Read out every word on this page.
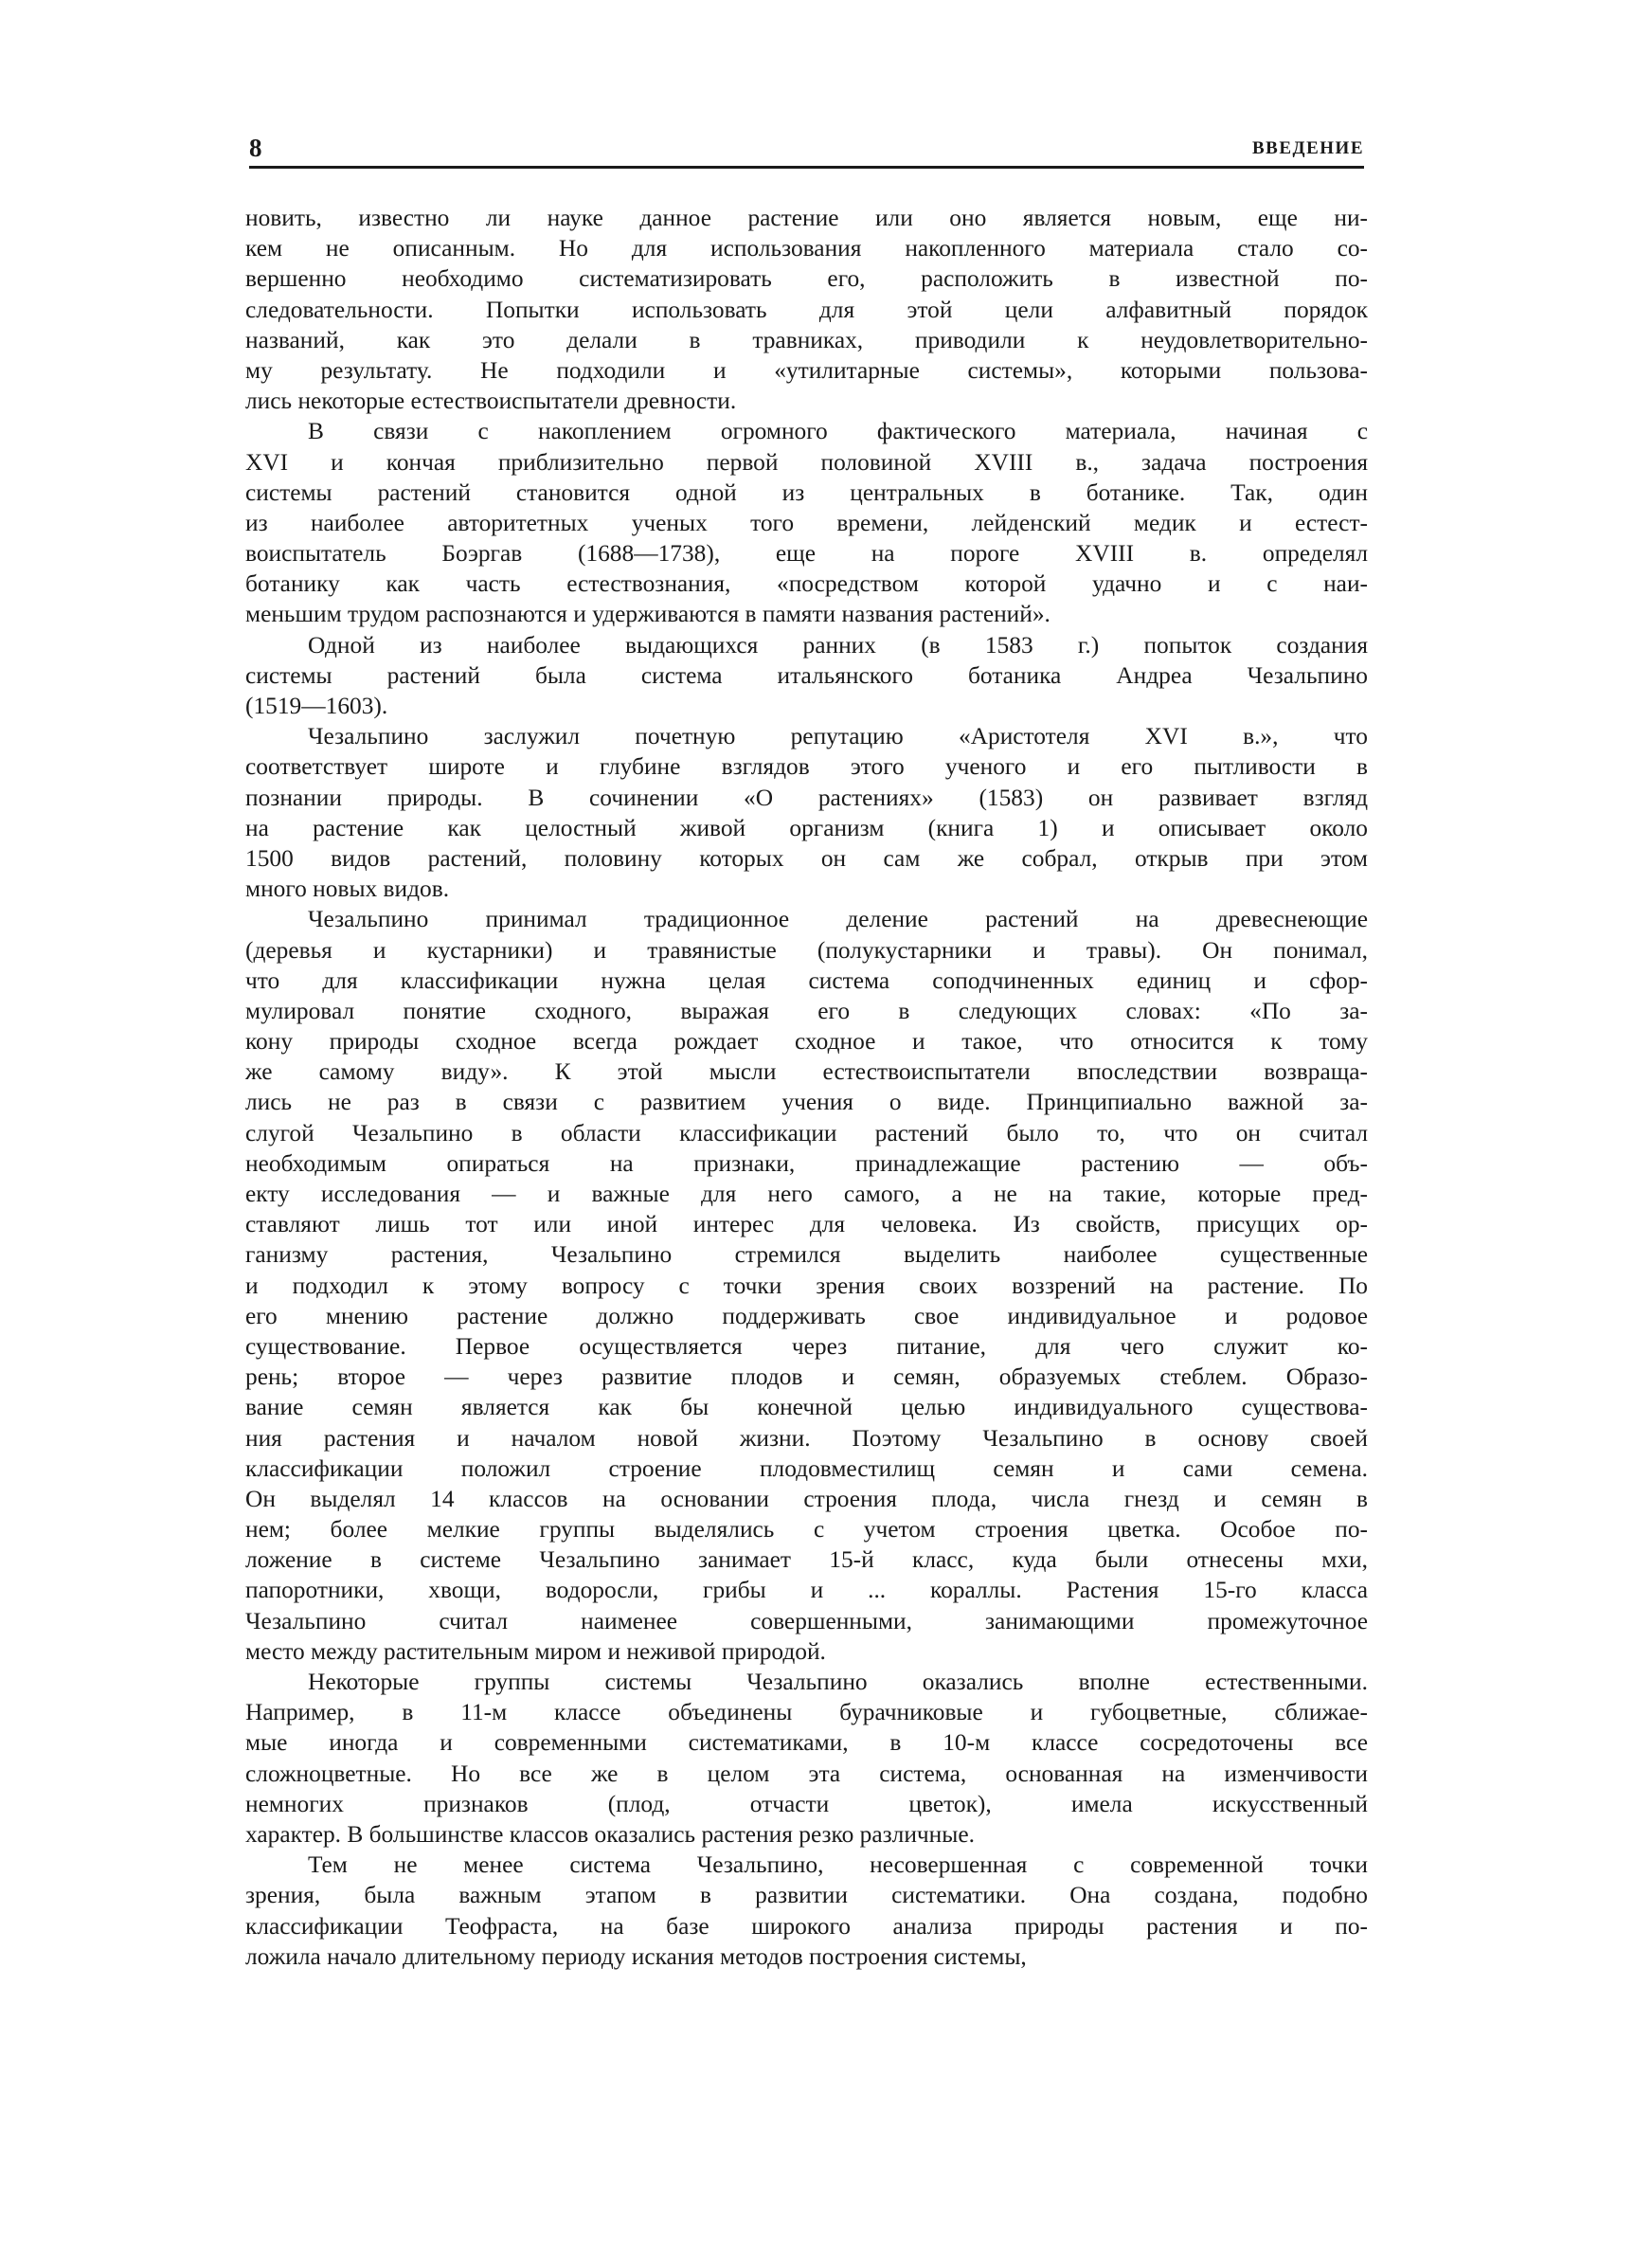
8	ВВЕДЕНИЕ
новить, известно ли науке данное растение или оно является новым, еще ни-
кем не описанным. Но для использования накопленного материала стало со-
вершенно необходимо систематизировать его, расположить в известной по-
следовательности. Попытки использовать для этой цели алфавитный порядок
названий, как это делали в травниках, приводили к неудовлетворительно-
му результату. Не подходили и «утилитарные системы», которыми пользова-
лись некоторые естествоиспытатели древности.
В связи с накоплением огромного фактического материала, начиная с
XVI и кончая приблизительно первой половиной XVIII в., задача построения
системы растений становится одной из центральных в ботанике. Так, один
из наиболее авторитетных ученых того времени, лейденский медик и естест-
воиспытатель Боэргав (1688—1738), еще на пороге XVIII в. определял
ботанику как часть естествознания, «посредством которой удачно и с наи-
меньшим трудом распознаются и удерживаются в памяти названия растений».
Одной из наиболее выдающихся ранних (в 1583 г.) попыток создания
системы растений была система итальянского ботаника Андреа Чезальпино
(1519—1603).
Чезальпино заслужил почетную репутацию «Аристотеля XVI в.», что
соответствует широте и глубине взглядов этого ученого и его пытливости в
познании природы. В сочинении «О растениях» (1583) он развивает взгляд
на растение как целостный живой организм (книга 1) и описывает около
1500 видов растений, половину которых он сам же собрал, открыв при этом
много новых видов.
Чезальпино принимал традиционное деление растений на древеснеющие
(деревья и кустарники) и травянистые (полукустарники и травы). Он понимал,
что для классификации нужна целая система соподчиненных единиц и сфор-
мулировал понятие сходного, выражая его в следующих словах: «По за-
кону природы сходное всегда рождает сходное и такое, что относится к тому
же самому виду». К этой мысли естествоиспытатели впоследствии возвраща-
лись не раз в связи с развитием учения о виде. Принципиально важной за-
слугой Чезальпино в области классификации растений было то, что он считал
необходимым опираться на признаки, принадлежащие растению — объ-
екту исследования — и важные для него самого, а не на такие, которые пред-
ставляют лишь тот или иной интерес для человека. Из свойств, присущих ор-
ганизму растения, Чезальпино стремился выделить наиболее существенные
и подходил к этому вопросу с точки зрения своих воззрений на растение. По
его мнению растение должно поддерживать свое индивидуальное и родовое
существование. Первое осуществляется через питание, для чего служит ко-
рень; второе — через развитие плодов и семян, образуемых стеблем. Образо-
вание семян является как бы конечной целью индивидуального существова-
ния растения и началом новой жизни. Поэтому Чезальпино в основу своей
классификации положил строение плодовместилищ семян и сами семена.
Он выделял 14 классов на основании строения плода, числа гнезд и семян в
нем; более мелкие группы выделялись с учетом строения цветка. Особое по-
ложение в системе Чезальпино занимает 15-й класс, куда были отнесены мхи,
папоротники, хвощи, водоросли, грибы и ... кораллы. Растения 15-го класса
Чезальпино считал наименее совершенными, занимающими промежуточное
место между растительным миром и неживой природой.
Некоторые группы системы Чезальпино оказались вполне естественными.
Например, в 11-м классе объединены бурачниковые и губоцветные, сближае-
мые иногда и современными систематиками, в 10-м классе сосредоточены все
сложноцветные. Но все же в целом эта система, основанная на изменчивости
немногих признаков (плод, отчасти цветок), имела искусственный
характер. В большинстве классов оказались растения резко различные.
Тем не менее система Чезальпино, несовершенная с современной точки
зрения, была важным этапом в развитии систематики. Она создана, подобно
классификации Теофраста, на базе широкого анализа природы растения и по-
ложила начало длительному периоду искания методов построения системы,
